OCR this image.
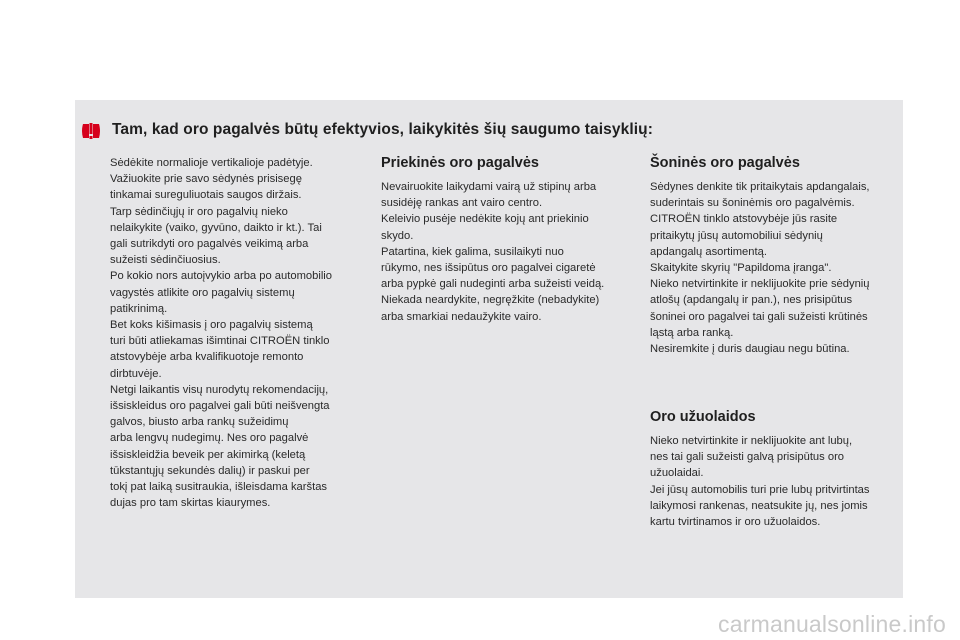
Tam, kad oro pagalvės būtų efektyvios, laikykitės šių saugumo taisyklių:

Sėdėkite normalioje vertikalioje padėtyje.

Važiuokite prie savo sėdynės prisisegę

tinkamai sureguliuotais saugos diržais.

Tarp sėdinčiųjų ir oro pagalvių nieko

nelaikykite (vaiko, gyvūno, daikto ir kt.). Tai

gali sutrikdyti oro pagalvės veikimą arba

sužeisti sėdinčiuosius.

Po kokio nors autoįvykio arba po automobilio

vagystės atlikite oro pagalvių sistemų

patikrinimą.

Bet koks kišimasis į oro pagalvių sistemą

turi būti atliekamas išimtinai CITROËN tinklo

atstovybėje arba kvalifikuotoje remonto

dirbtuvėje.

Netgi laikantis visų nurodytų rekomendacijų,

išsiskleidus oro pagalvei gali būti neišvengta

galvos, biusto arba rankų sužeidimų

arba lengvų nudegimų. Nes oro pagalvė

išsiskleidžia beveik per akimirką (keletą

tūkstantųjų sekundės dalių) ir paskui per

tokį pat laiką susitraukia, išleisdama karštas

dujas pro tam skirtas kiaurymes.

Priekinės oro pagalvės

Nevairuokite laikydami vairą už stipinų arba

susidėję rankas ant vairo centro.

Keleivio pusėje nedėkite kojų ant priekinio

skydo.

Patartina, kiek galima, susilaikyti nuo

rūkymo, nes išsipūtus oro pagalvei cigaretė

arba pypkė gali nudeginti arba sužeisti veidą.

Niekada neardykite, negręžkite (nebadykite)

arba smarkiai nedaužykite vairo.

Šoninės oro pagalvės

Sėdynes denkite tik pritaikytais apdangalais,

suderintais su šoninėmis oro pagalvėmis.

CITROËN tinklo atstovybėje jūs rasite

pritaikytų jūsų automobiliui sėdynių

apdangalų asortimentą.

Skaitykite skyrių "Papildoma įranga".

Nieko netvirtinkite ir neklijuokite prie sėdynių

atlošų (apdangalų ir pan.), nes prisipūtus

šoninei oro pagalvei tai gali sužeisti krūtinės

ląstą arba ranką.

Nesiremkite į duris daugiau negu būtina.

Oro užuolaidos

Nieko netvirtinkite ir neklijuokite ant lubų,

nes tai gali sužeisti galvą prisipūtus oro

užuolaidai.

Jei jūsų automobilis turi prie lubų pritvirtintas

laikymosi rankenas, neatsukite jų, nes jomis

kartu tvirtinamos ir oro užuolaidos.

carmanualsonline.info
